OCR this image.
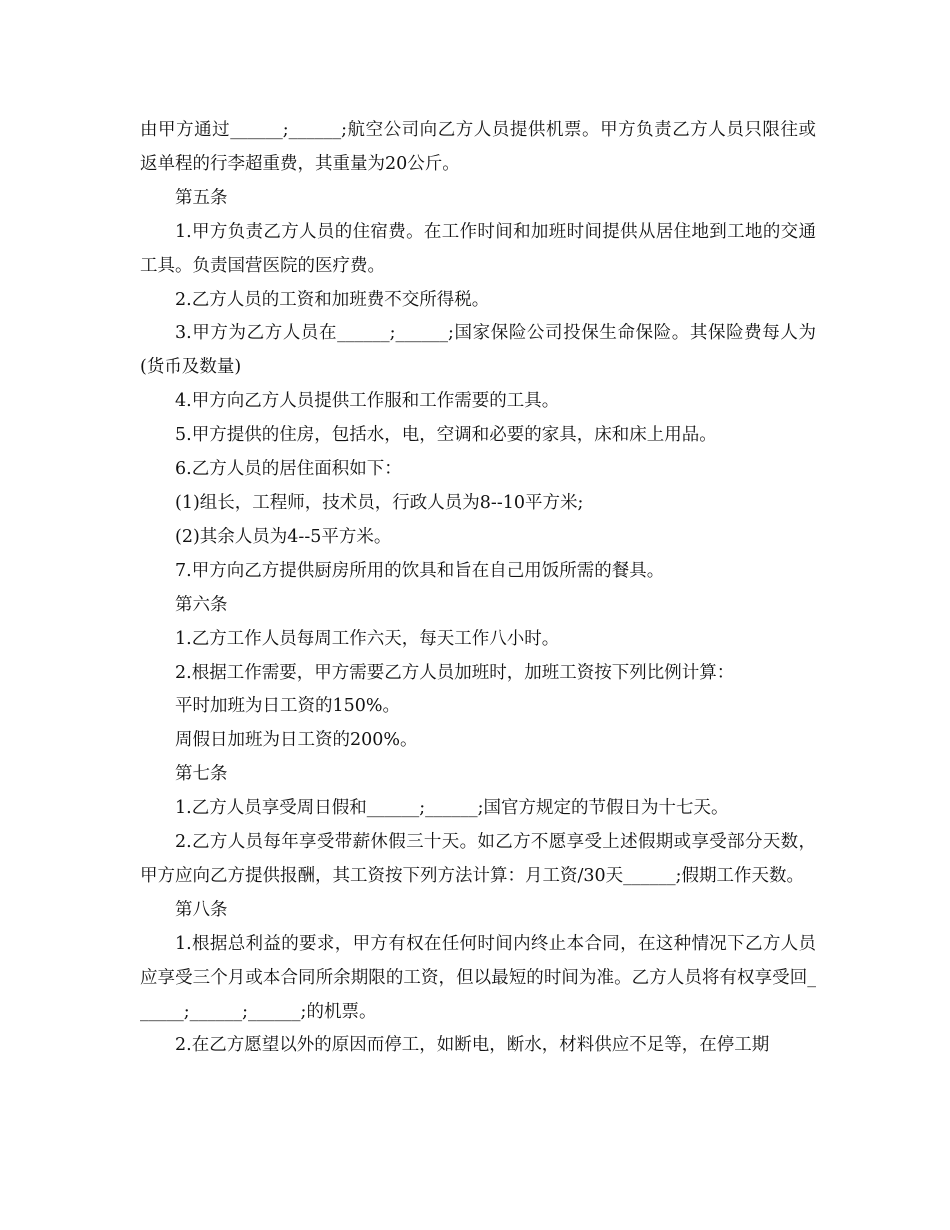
由甲方通过______;______;航空公司向乙方人员提供机票。甲方负责乙方人员只限往或返单程的行李超重费，其重量为20公斤。

第五条

1.甲方负责乙方人员的住宿费。在工作时间和加班时间提供从居住地到工地的交通工具。负责国营医院的医疗费。

2.乙方人员的工资和加班费不交所得税。

3.甲方为乙方人员在______;______;国家保险公司投保生命保险。其保险费每人为(货币及数量)

4.甲方向乙方人员提供工作服和工作需要的工具。

5.甲方提供的住房，包括水，电，空调和必要的家具，床和床上用品。

6.乙方人员的居住面积如下：

(1)组长，工程师，技术员，行政人员为8--10平方米;

(2)其余人员为4--5平方米。

7.甲方向乙方提供厨房所用的饮具和旨在自己用饭所需的餐具。

第六条

1.乙方工作人员每周工作六天，每天工作八小时。

2.根据工作需要，甲方需要乙方人员加班时，加班工资按下列比例计算：

平时加班为日工资的150%。

周假日加班为日工资的200%。

第七条

1.乙方人员享受周日假和______;______;国官方规定的节假日为十七天。

2.乙方人员每年享受带薪休假三十天。如乙方不愿享受上述假期或享受部分天数，甲方应向乙方提供报酬，其工资按下列方法计算：月工资/30天______;假期工作天数。

第八条

1.根据总利益的要求，甲方有权在任何时间内终止本合同，在这种情况下乙方人员应享受三个月或本合同所余期限的工资，但以最短的时间为准。乙方人员将有权享受回______;______;______;的机票。

2.在乙方愿望以外的原因而停工，如断电，断水，材料供应不足等，在停工期
